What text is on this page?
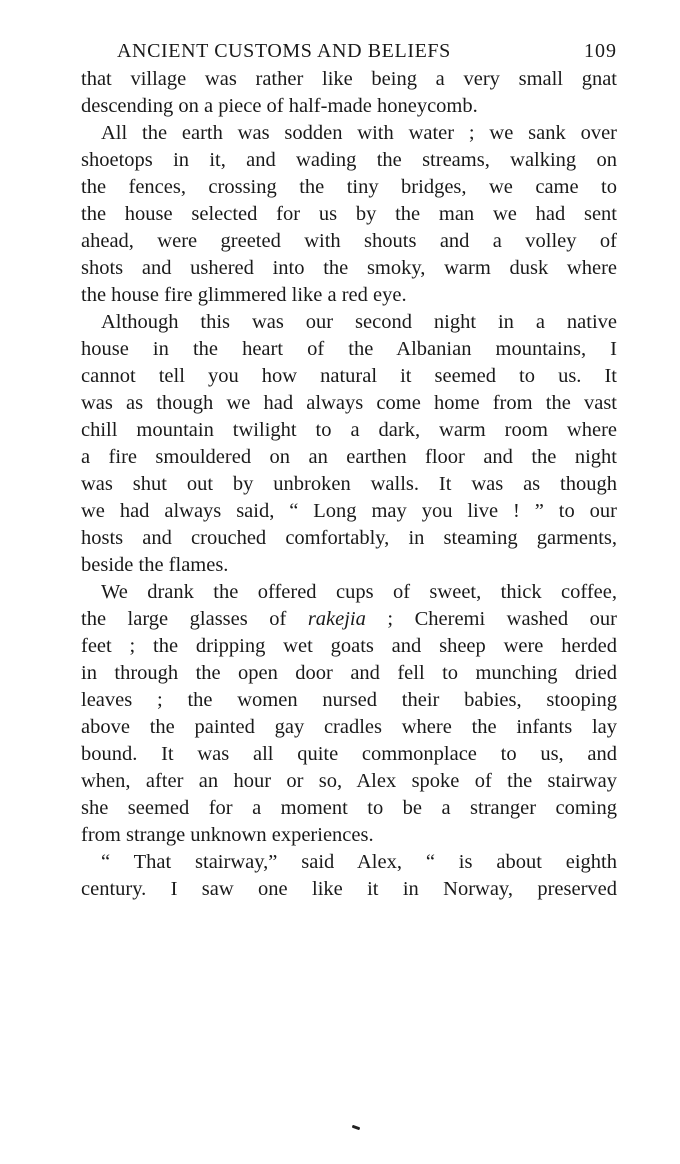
ANCIENT CUSTOMS AND BELIEFS	109
that village was rather like being a very small gnat
descending on a piece of half-made honeycomb.
All the earth was sodden with water ; we sank over
shoetops in it, and wading the streams, walking on
the fences, crossing the tiny bridges, we came to
the house selected for us by the man we had sent
ahead, were greeted with shouts and a volley of
shots and ushered into the smoky, warm dusk where
the house fire glimmered like a red eye.
Although this was our second night in a native
house in the heart of the Albanian mountains, I
cannot tell you how natural it seemed to us. It
was as though we had always come home from the vast
chill mountain twilight to a dark, warm room where
a fire smouldered on an earthen floor and the night
was shut out by unbroken walls. It was as though
we had always said, “ Long may you live ! ” to our
hosts and crouched comfortably, in steaming garments,
beside the flames.
We drank the offered cups of sweet, thick coffee,
the large glasses of rakejia ; Cheremi washed our
feet ; the dripping wet goats and sheep were herded
in through the open door and fell to munching dried
leaves ; the women nursed their babies, stooping
above the painted gay cradles where the infants lay
bound. It was all quite commonplace to us, and
when, after an hour or so, Alex spoke of the stairway
she seemed for a moment to be a stranger coming
from strange unknown experiences.
“ That stairway,” said Alex, “ is about eighth
century. I saw one like it in Norway, preserved
